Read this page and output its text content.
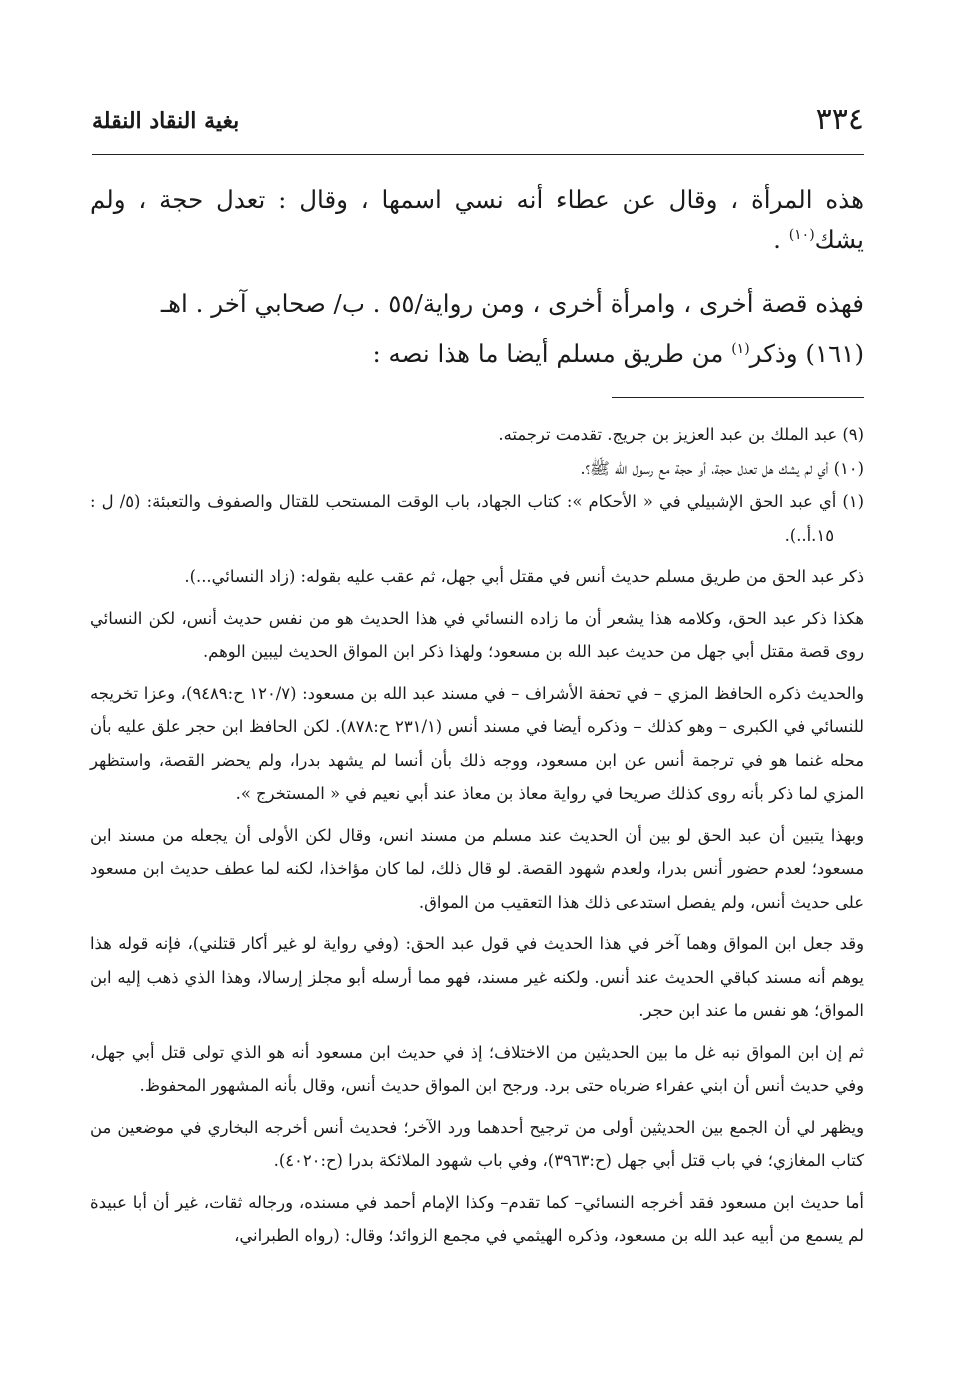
٣٣٤
بغية النقاد النقلة
هذه المرأة ، وقال عن عطاء أنه نسي اسمها ، وقال : تعدل حجة ، ولم يشك$^{(١٠)}$ .
فهذه قصة أخرى ، وامرأة أخرى ، ومن رواية/٥٥ . ب/ صحابي آخر . اهـ
(١٦١) وذكر$^{(١)}$ من طريق مسلم أيضا ما هذا نصه :

(٩) عبد الملك بن عبد العزيز بن جريج. تقدمت ترجمته.

(١٠) أي لم يشك هل تعدل حجة، أو حجة مع رسول الله ﷺ؟.

(١) أي عبد الحق الإشبيلي في « الأحكام »: كتاب الجهاد، باب الوقت المستحب للقتال والصفوف والتعبئة: (٥/ ل : ١٥.أ..).

ذكر عبد الحق من طريق مسلم حديث أنس في مقتل أبي جهل، ثم عقب عليه بقوله: (زاد النسائي...).

هكذا ذكر عبد الحق، وكلامه هذا يشعر أن ما زاده النسائي في هذا الحديث هو من نفس حديث أنس، لكن النسائي روى قصة مقتل أبي جهل من حديث عبد الله بن مسعود؛ ولهذا ذكر ابن المواق الحديث ليبين الوهم.

والحديث ذكره الحافظ المزي – في تحفة الأشراف – في مسند عبد الله بن مسعود: (١٢٠/٧ ح:٩٤٨٩)، وعزا تخريجه للنسائي في الكبرى – وهو كذلك – وذكره أيضا في مسند أنس (٢٣١/١ ح:٨٧٨). لكن الحافظ ابن حجر علق عليه بأن محله غنما هو في ترجمة أنس عن ابن مسعود، ووجه ذلك بأن أنسا لم يشهد بدرا، ولم يحضر القصة، واستظهر المزي لما ذكر بأنه روى كذلك صريحا في رواية معاذ بن معاذ عند أبي نعيم في « المستخرج ».

وبهذا يتبين أن عبد الحق لو بين أن الحديث عند مسلم من مسند انس، وقال لكن الأولى أن يجعله من مسند ابن مسعود؛ لعدم حضور أنس بدرا، ولعدم شهود القصة. لو قال ذلك، لما كان مؤاخذا، لكنه لما عطف حديث ابن مسعود على حديث أنس، ولم يفصل استدعى ذلك هذا التعقيب من المواق.

وقد جعل ابن المواق وهما آخر في هذا الحديث في قول عبد الحق: (وفي رواية لو غير أكار قتلني)، فإنه قوله هذا يوهم أنه مسند كباقي الحديث عند أنس. ولكنه غير مسند، فهو مما أرسله أبو مجلز إرسالا، وهذا الذي ذهب إليه ابن المواق؛ هو نفس ما عند ابن حجر.

ثم إن ابن المواق نبه غل ما بين الحديثين من الاختلاف؛ إذ في حديث ابن مسعود أنه هو الذي تولى قتل أبي جهل، وفي حديث أنس أن ابني عفراء ضرباه حتى برد. ورجح ابن المواق حديث أنس، وقال بأنه المشهور المحفوظ.

ويظهر لي أن الجمع بين الحديثين أولى من ترجيح أحدهما ورد الآخر؛ فحديث أنس أخرجه البخاري في موضعين من كتاب المغازي؛ في باب قتل أبي جهل (ح:٣٩٦٣)، وفي باب شهود الملائكة بدرا (ح:٤٠٢٠).

أما حديث ابن مسعود فقد أخرجه النسائي– كما تقدم– وكذا الإمام أحمد في مسنده، ورجاله ثقات، غير أن أبا عبيدة لم يسمع من أبيه عبد الله بن مسعود، وذكره الهيثمي في مجمع الزوائد؛ وقال: (رواه الطبراني،
